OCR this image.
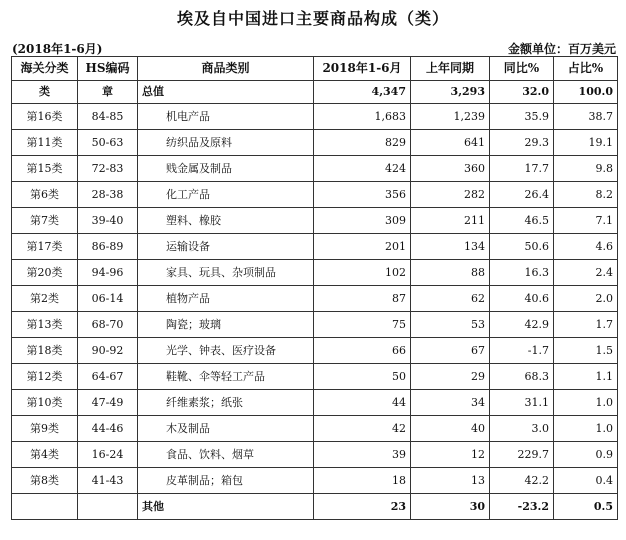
埃及自中国进口主要商品构成（类）
(2018年1-6月)	金额单位：百万美元
海关分类	HS编码	商品类别	2018年1-6月	上年同期	同比%	占比%
类	章	总值	4,347	3,293	32.0	100.0
第16类	84-85	机电产品	1,683	1,239	35.9	38.7
第11类	50-63	纺织品及原料	829	641	29.3	19.1
第15类	72-83	贱金属及制品	424	360	17.7	9.8
第6类	28-38	化工产品	356	282	26.4	8.2
第7类	39-40	塑料、橡胶	309	211	46.5	7.1
第17类	86-89	运输设备	201	134	50.6	4.6
第20类	94-96	家具、玩具、杂项制品	102	88	16.3	2.4
第2类	06-14	植物产品	87	62	40.6	2.0
第13类	68-70	陶瓷；玻璃	75	53	42.9	1.7
第18类	90-92	光学、钟表、医疗设备	66	67	-1.7	1.5
第12类	64-67	鞋靴、伞等轻工产品	50	29	68.3	1.1
第10类	47-49	纤维素浆；纸张	44	34	31.1	1.0
第9类	44-46	木及制品	42	40	3.0	1.0
第4类	16-24	食品、饮料、烟草	39	12	229.7	0.9
第8类	41-43	皮革制品；箱包	18	13	42.2	0.4
		其他	23	30	-23.2	0.5
